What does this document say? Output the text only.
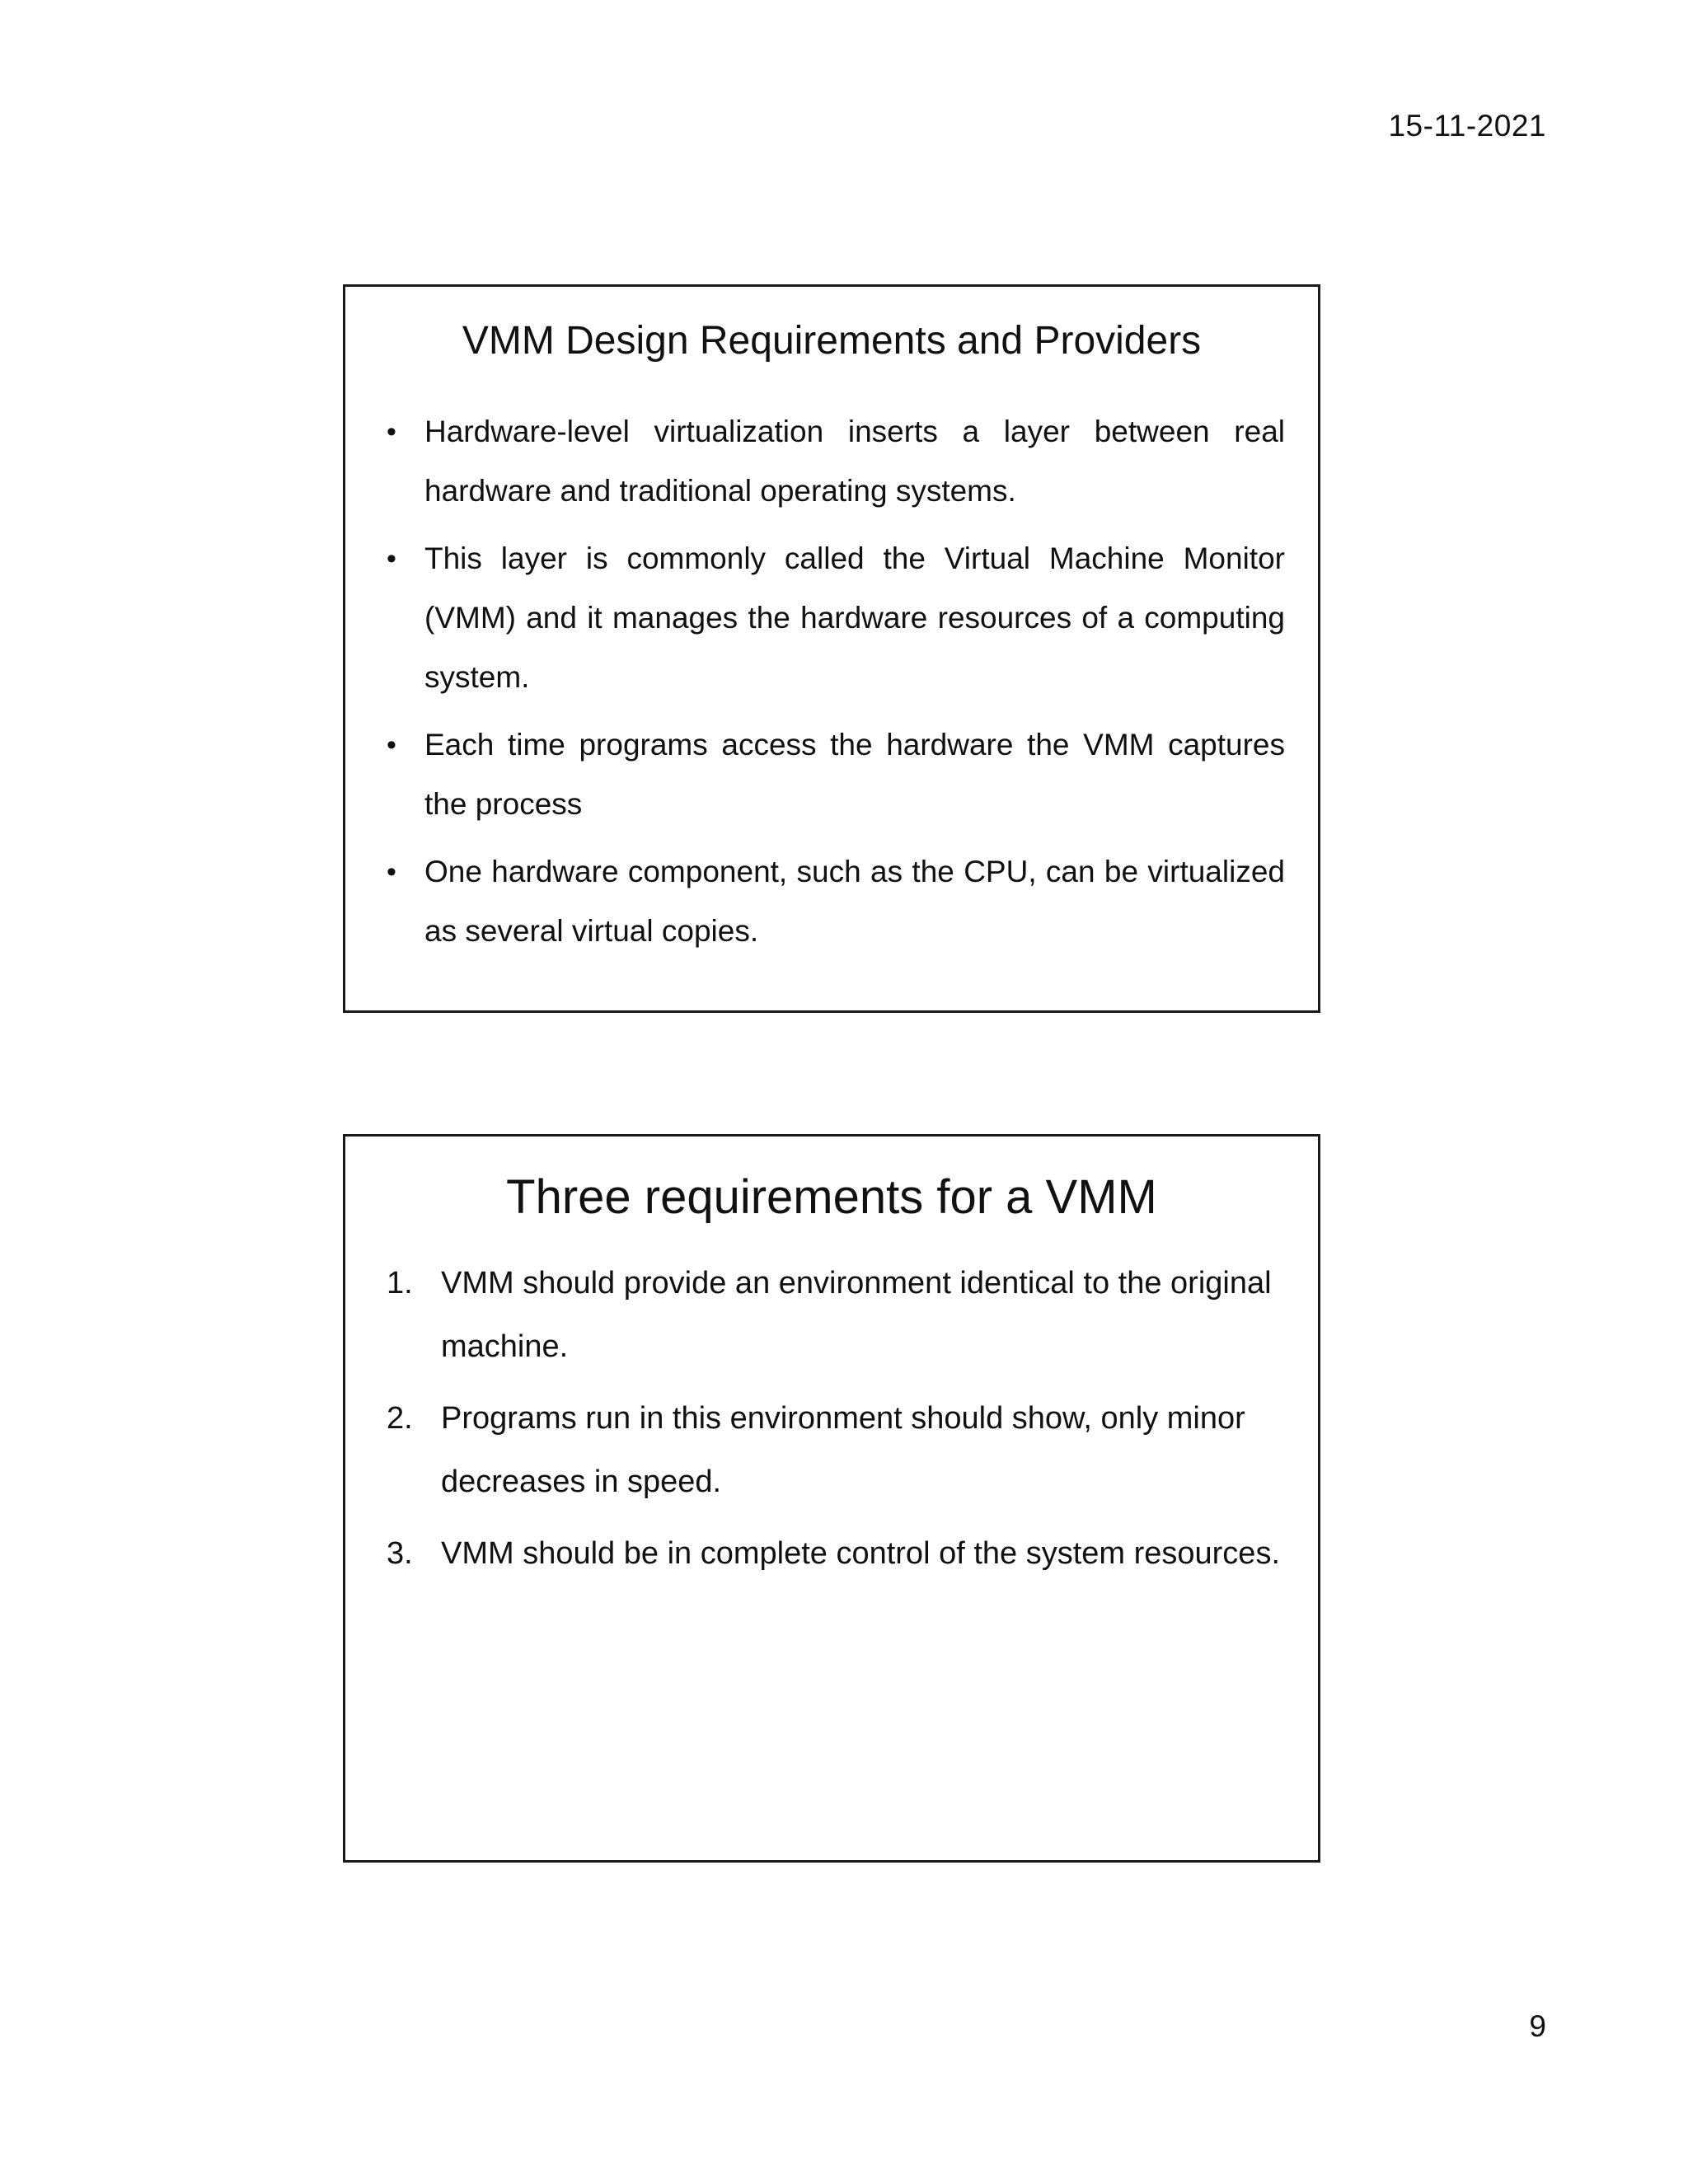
15-11-2021
VMM Design Requirements and Providers
• Hardware-level virtualization inserts a layer between real hardware and traditional operating systems.
• This layer is commonly called the Virtual Machine Monitor (VMM) and it manages the hardware resources of a computing system.
• Each time programs access the hardware the VMM captures the process
• One hardware component, such as the CPU, can be virtualized as several virtual copies.
Three requirements for a VMM
1. VMM should provide an environment identical to the original machine.
2. Programs run in this environment should show, only minor decreases in speed.
3. VMM should be in complete control of the system resources.
9
